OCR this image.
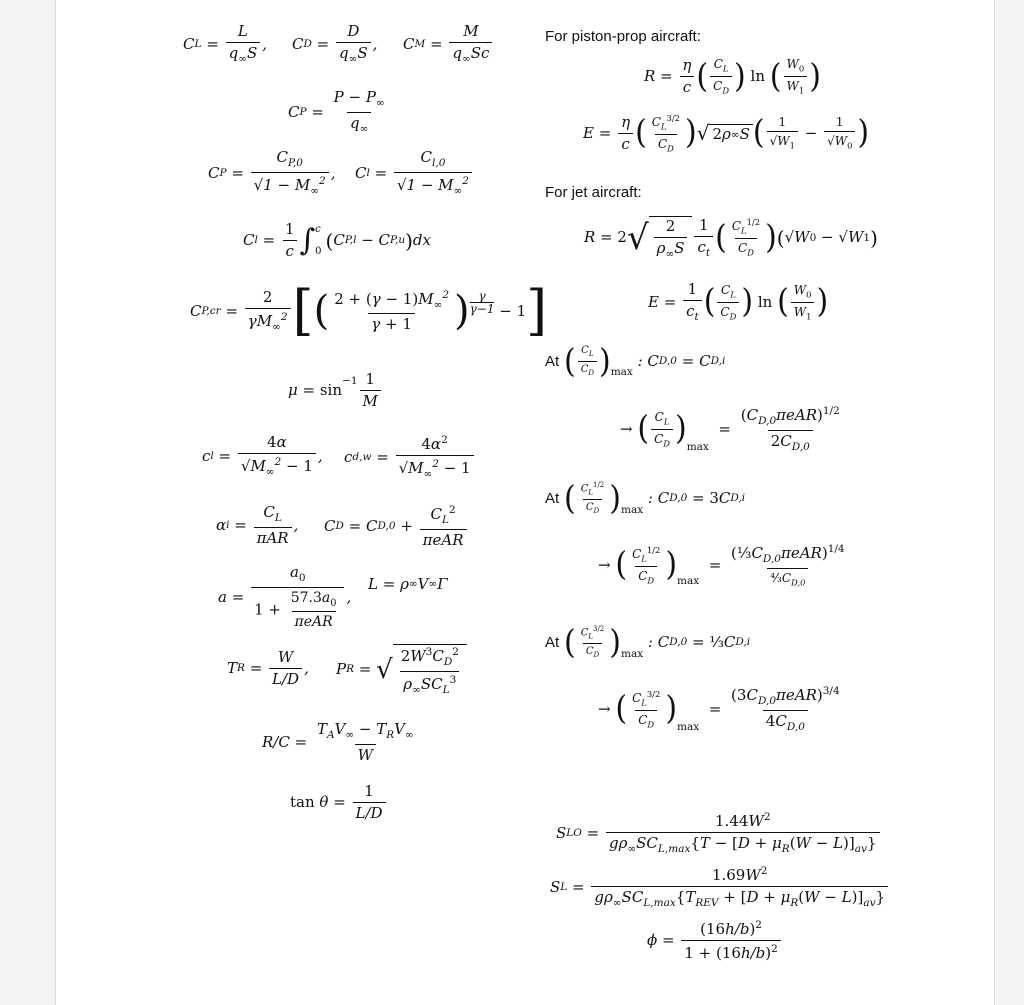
C $L = \frac{L}{q_\infty S}$ , C $D = \frac{D}{q_\infty S}$ , C $M = \frac{M}{q_\infty Sc}$
C $P = \frac{P - P_\infty}{q_\infty}$
C $P = \frac{C_{P,0}}{√1 - M_\infty^2}$ , C $l = \frac{C_{l,0}}{√1 - M_\infty^2}$
C $l = \frac{1}{c}$ ∫ c
0 ( C P,l − C P,u ) dx
C $P,cr = \frac{2}{\gamma M_\infty^2}$ [ ( $\frac{2 + (\gamma - 1)M_\infty^2}{\gamma + 1}$ ) γ
γ−1 − 1 ]
$\mu = \sin^{-1} \frac{1}{M}$
c $l = \frac{4\alpha}{√M_\infty^2 - 1}$ , c $d,w = \frac{4\alpha^2}{√M_\infty^2 - 1}$
α $i = \frac{C_L}{\text{πAR}}$ , C D = C $D,0 + \frac{C_L^2}{\text{πeAR}}$
$a = \frac{a_0}{1 + \frac{57.3a_0}{\text{πeAR}}}$ ,
L = ρ ∞ V ∞ Γ
T $R = \frac{W}{L/D}$ , P R = √ $\frac{2W^3C_D^2}{\rho_\infty SC_L^3}$
$R/C = \frac{T_AV_\infty - T_RV_\infty}{W}$
$\tan \theta = \frac{1}{L/D}$
For piston-prop aircraft:
$R = \frac{\eta}{c}$ ( $\frac{C_L}{C_D}$ )
ln
( $\frac{W_0}{W_1}$ )
$E = \frac{\eta}{c}$ ( $\frac{C_L^{3/2}}{C_D}$ ) √ 2 ρ ∞ S ( $\frac{1}{√W_1} - \frac{1}{√W_0}$ )
For jet aircraft:
R = 2 √ $\frac{2}{\rho_\infty S} \frac{1}{c_t}$ ( $\frac{C_L^{1/2}}{C_D}$ ) ( √ W 0 − √ W 1 )
$E = \frac{1}{c_t}$ ( $\frac{C_L}{C_D}$ )
ln
( $\frac{W_0}{W_1}$ )
At
( $\frac{C_L}{C_D} )_{max}$
: $C^{D,0} = C$ D,i
→
( $\frac{C_L}{C_D} )_{max}$
= $\frac{(C_{D,0}\pi eAR)^{1/2}}{2C_{D,0}}$
At
( $\frac{C_L^{1/2}}{C_D} )_{max}$
: C D,0 = 3 C D,i
→
( $\frac{C_L^{1/2}}{C_D} )_{max}$
= $\frac{(\frac{1}{3}C_{D,0}\pi eAR)^{1/4}}{^4⁄_3C_{D,0}}$
At
( $\frac{C_L^{3/2}}{C_D} )_{max}$
: C D,0 = ⅓ C D,i
→
( $\frac{C_L^{3/2}}{C_D} )_{max}$
= $\frac{(3C_{D,0}\pi eAR)^{3/4}}{4C_{D,0}}$
S LO = $\frac{1.44W^2}{g\rho_\infty SC_{L,max}\{T - [D + \mu_R(W - L)]_{av}\}}$
S $L = \frac{1.69W^2}{g\rho_\infty SC_{L,max}\{T_{REV} + [D + \mu_R(W - L)]_{av}\}}$
$\phi = \frac{(16h/b)^2}{1 + (16h/b)^2}$
